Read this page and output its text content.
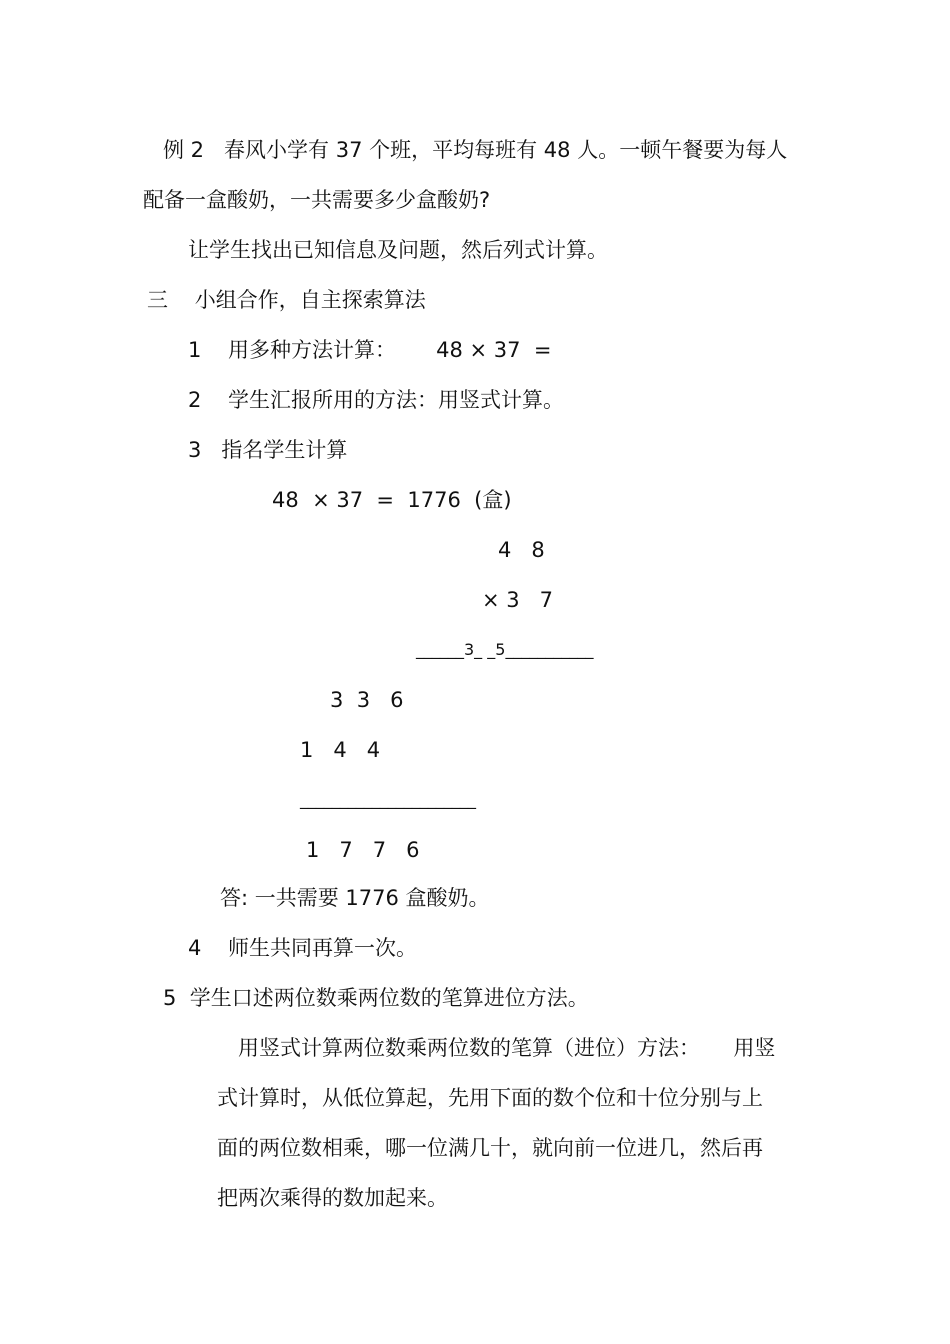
例 2   春风小学有 37 个班，平均每班有 48 人。一顿午餐要为每人
配备一盒酸奶，一共需要多少盒酸奶?
让学生找出已知信息及问题，然后列式计算。
三    小组合作，自主探索算法
1    用多种方法计算：      48 × 37  =
2    学生汇报所用的方法：用竖式计算。
3   指名学生计算
48  × 37  =  1776  (盒)
4   8
× 3   7
______3_ _5___________
3  3   6
1   4   4
______________________
1   7   7   6
答: 一共需要 1776 盒酸奶。
4    师生共同再算一次。
5  学生口述两位数乘两位数的笔算进位方法。
用竖式计算两位数乘两位数的笔算（进位）方法：     用竖
式计算时，从低位算起，先用下面的数个位和十位分别与上
面的两位数相乘，哪一位满几十，就向前一位进几，然后再
把两次乘得的数加起来。
